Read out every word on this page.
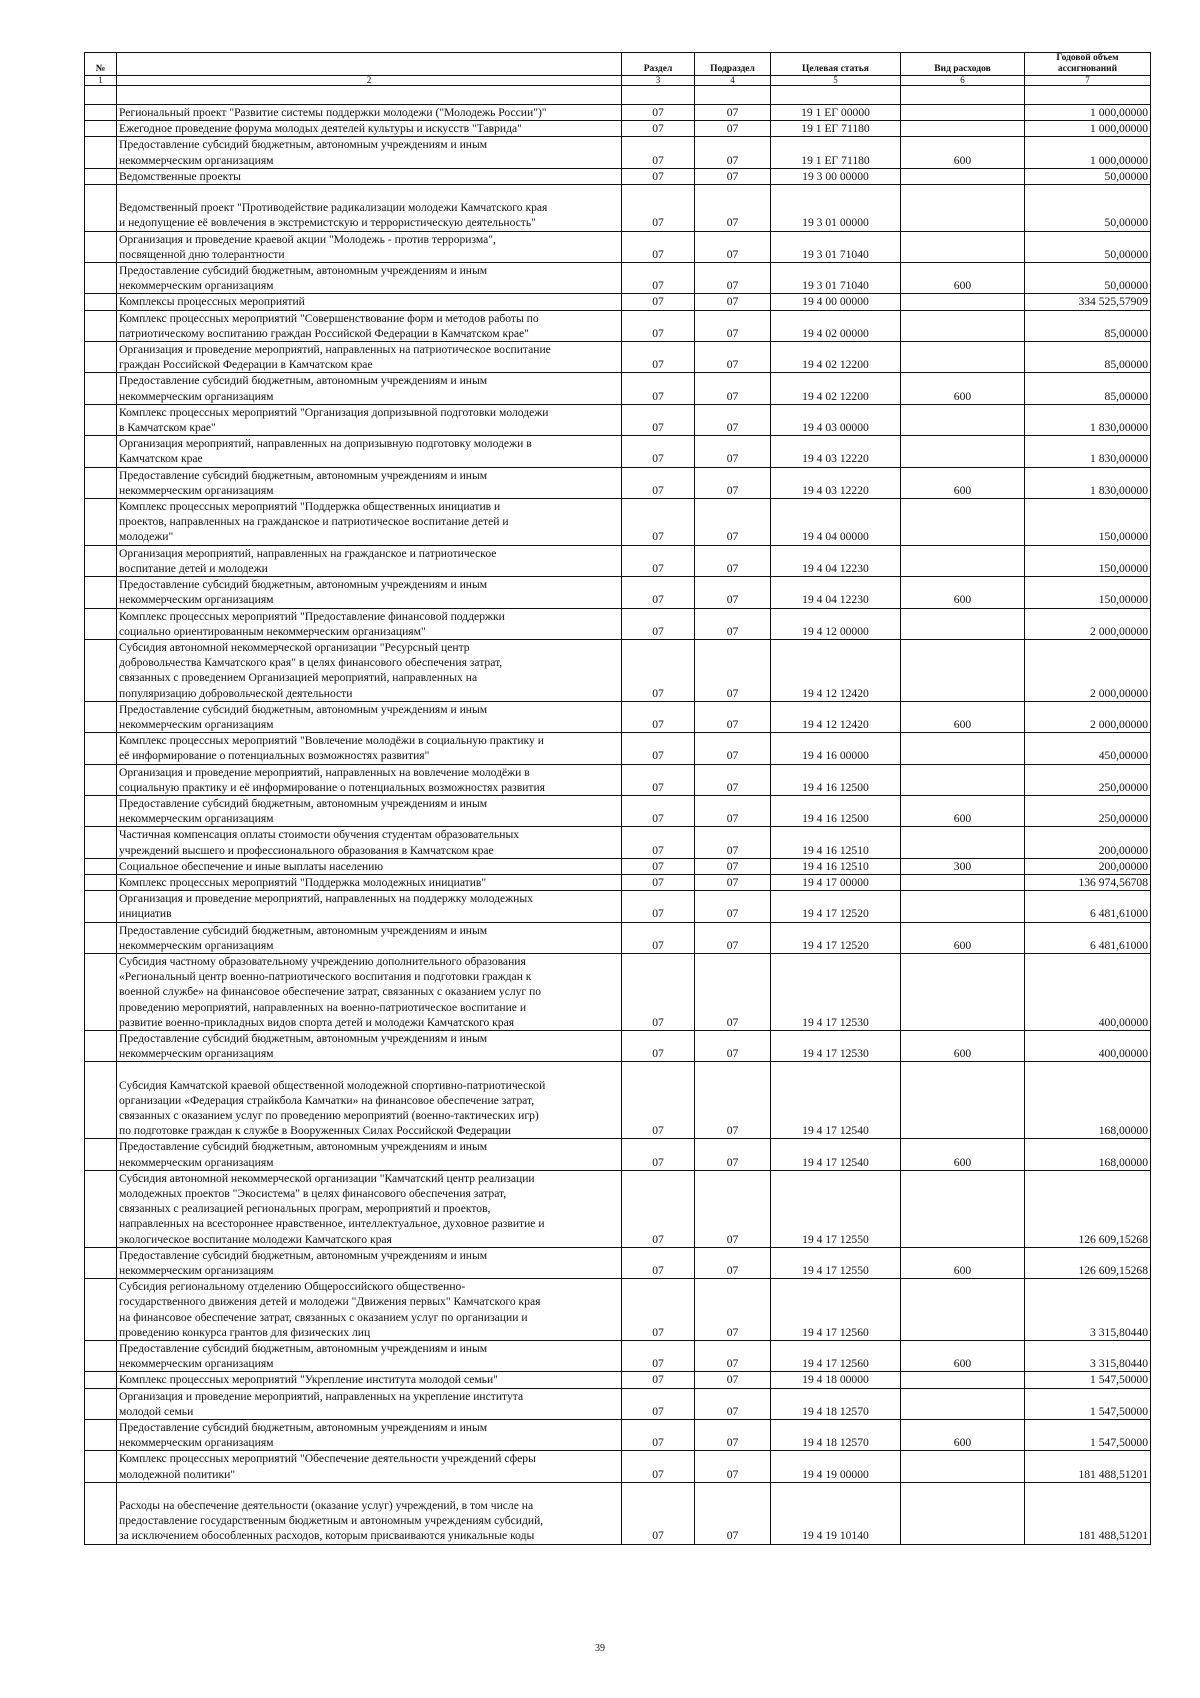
№		Раздел	Подраздел	Целевая статья	Вид расходов	Годовой объем ассигнований
1	2	3	4	5	6	7

	Региональный проект "Развитие системы поддержки молодежи ("Молодежь России")"	07	07	19 1 ЕГ 00000		1 000,00000
	Ежегодное проведение форума молодых деятелей культуры и искусств "Таврида"	07	07	19 1 ЕГ 71180		1 000,00000
	Предоставление субсидий бюджетным, автономным учреждениям и иным
некоммерческим организациям	07	07	19 1 ЕГ 71180	600	1 000,00000
	Ведомственные проекты	07	07	19 3 00 00000		50,00000

Ведомственный проект "Противодействие радикализации молодежи Камчатского края
и недопущение её вовлечения в экстремистскую и террористическую деятельность"	07	07	19 3 01 00000		50,00000
	Организация и проведение краевой акции "Молодежь - против терроризма",
посвященной дню толерантности	07	07	19 3 01 71040		50,00000
	Предоставление субсидий бюджетным, автономным учреждениям и иным
некоммерческим организациям	07	07	19 3 01 71040	600	50,00000
	Комплексы процессных мероприятий	07	07	19 4 00 00000		334 525,57909
	Комплекс процессных мероприятий "Совершенствование форм и методов работы по
патриотическому воспитанию граждан Российской Федерации в Камчатском крае"	07	07	19 4 02 00000		85,00000
	Организация и проведение мероприятий, направленных на патриотическое воспитание
граждан Российской Федерации в Камчатском крае	07	07	19 4 02 12200		85,00000
	Предоставление субсидий бюджетным, автономным учреждениям и иным
некоммерческим организациям	07	07	19 4 02 12200	600	85,00000
	Комплекс процессных мероприятий "Организация допризывной подготовки молодежи
в Камчатском крае"	07	07	19 4 03 00000		1 830,00000
	Организация мероприятий, направленных на допризывную подготовку молодежи в
Камчатском крае	07	07	19 4 03 12220		1 830,00000
	Предоставление субсидий бюджетным, автономным учреждениям и иным
некоммерческим организациям	07	07	19 4 03 12220	600	1 830,00000
	Комплекс процессных мероприятий "Поддержка общественных инициатив и
проектов, направленных на гражданское и патриотическое воспитание детей и
молодежи"	07	07	19 4 04 00000		150,00000
	Организация мероприятий, направленных на гражданское и патриотическое
воспитание детей и молодежи	07	07	19 4 04 12230		150,00000
	Предоставление субсидий бюджетным, автономным учреждениям и иным
некоммерческим организациям	07	07	19 4 04 12230	600	150,00000
	Комплекс процессных мероприятий "Предоставление финансовой поддержки
социально ориентированным некоммерческим организациям"	07	07	19 4 12 00000		2 000,00000
	Субсидия автономной некоммерческой организации "Ресурсный центр
добровольчества Камчатского края" в целях финансового обеспечения затрат,
связанных с проведением Организацией мероприятий, направленных на
популяризацию добровольческой деятельности	07	07	19 4 12 12420		2 000,00000
	Предоставление субсидий бюджетным, автономным учреждениям и иным
некоммерческим организациям	07	07	19 4 12 12420	600	2 000,00000
	Комплекс процессных мероприятий "Вовлечение молодёжи в социальную практику и
её информирование о потенциальных возможностях развития"	07	07	19 4 16 00000		450,00000
	Организация и проведение мероприятий, направленных на вовлечение молодёжи в
социальную практику и её информирование о потенциальных возможностях развития	07	07	19 4 16 12500		250,00000
	Предоставление субсидий бюджетным, автономным учреждениям и иным
некоммерческим организациям	07	07	19 4 16 12500	600	250,00000
	Частичная компенсация оплаты стоимости обучения студентам образовательных
учреждений высшего и профессионального образования в Камчатском крае	07	07	19 4 16 12510		200,00000
	Социальное обеспечение и иные выплаты населению	07	07	19 4 16 12510	300	200,00000
	Комплекс процессных мероприятий "Поддержка молодежных инициатив"	07	07	19 4 17 00000		136 974,56708
	Организация и проведение мероприятий, направленных на поддержку молодежных
инициатив	07	07	19 4 17 12520		6 481,61000
	Предоставление субсидий бюджетным, автономным учреждениям и иным
некоммерческим организациям	07	07	19 4 17 12520	600	6 481,61000
	Субсидия частному образовательному учреждению дополнительного образования
«Региональный центр военно-патриотического воспитания и подготовки граждан к
военной службе» на финансовое обеспечение затрат, связанных с оказанием услуг по
проведению мероприятий, направленных на военно-патриотическое воспитание и
развитие военно-прикладных видов спорта детей и молодежи Камчатского края	07	07	19 4 17 12530		400,00000
	Предоставление субсидий бюджетным, автономным учреждениям и иным
некоммерческим организациям	07	07	19 4 17 12530	600	400,00000

Субсидия Камчатской краевой общественной молодежной спортивно-патриотической
организации «Федерация страйкбола Камчатки» на финансовое обеспечение затрат,
связанных с оказанием услуг по проведению мероприятий (военно-тактических игр)
по подготовке граждан к службе в Вооруженных Силах Российской Федерации	07	07	19 4 17 12540		168,00000
	Предоставление субсидий бюджетным, автономным учреждениям и иным
некоммерческим организациям	07	07	19 4 17 12540	600	168,00000
	Субсидия автономной некоммерческой организации "Камчатский центр реализации
молодежных проектов "Экосистема" в целях финансового обеспечения затрат,
связанных с реализацией региональных програм, мероприятий и проектов,
направленных на всестороннее нравственное, интеллектуальное, духовное развитие и
экологическое воспитание молодежи Камчатского края	07	07	19 4 17 12550		126 609,15268
	Предоставление субсидий бюджетным, автономным учреждениям и иным
некоммерческим организациям	07	07	19 4 17 12550	600	126 609,15268
	Субсидия региональному отделению Общероссийского общественно-
государственного движения детей и молодежи "Движения первых" Камчатского края
на финансовое обеспечение затрат, связанных с оказанием услуг по организации и
проведению конкурса грантов для физических лиц	07	07	19 4 17 12560		3 315,80440
	Предоставление субсидий бюджетным, автономным учреждениям и иным
некоммерческим организациям	07	07	19 4 17 12560	600	3 315,80440
	Комплекс процессных мероприятий "Укрепление института молодой семьи"	07	07	19 4 18 00000		1 547,50000
	Организация и проведение мероприятий, направленных на укрепление института
молодой семьи	07	07	19 4 18 12570		1 547,50000
	Предоставление субсидий бюджетным, автономным учреждениям и иным
некоммерческим организациям	07	07	19 4 18 12570	600	1 547,50000
	Комплекс процессных мероприятий "Обеспечение деятельности учреждений сферы
молодежной политики"	07	07	19 4 19 00000		181 488,51201

Расходы на обеспечение деятельности (оказание услуг) учреждений, в том числе на
предоставление государственным бюджетным и автономным учреждениям субсидий,
за исключением обособленных расходов, которым присваиваются уникальные коды	07	07	19 4 19 10140		181 488,51201
39
